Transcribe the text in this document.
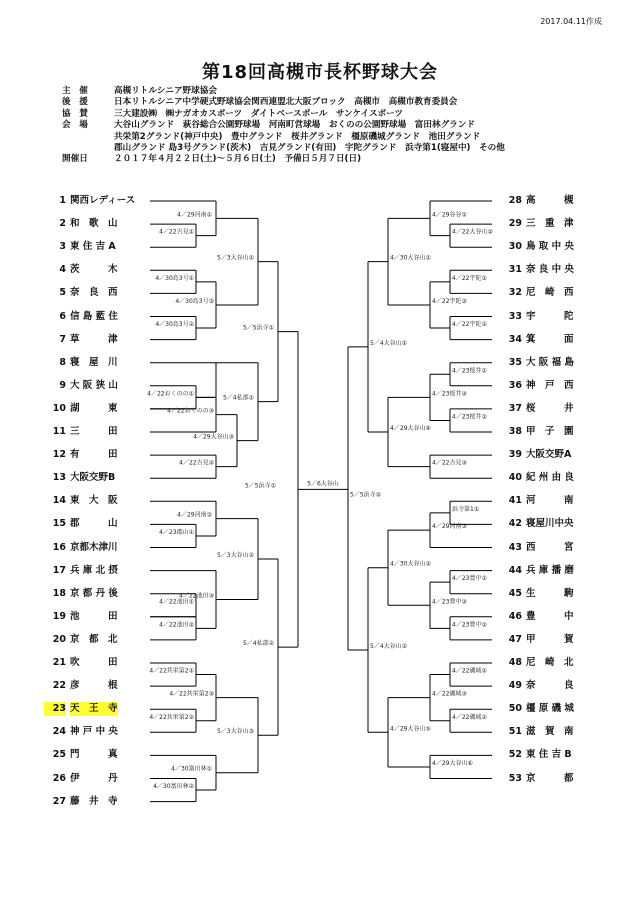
2017.04.11作成
第18回高槻市長杯野球大会
主　催	高槻リトルシニア野球協会
後　援	日本リトルシニア中学硬式野球協会関西連盟北大阪ブロック　高槻市　高槻市教育委員会
協　賛	三大建設㈱　㈱ナガオカスポーツ　ダイトベースボール　サンケイスポーツ
会　場	大谷山グランド　萩谷総合公園野球場　河南町営球場　おくのの公園野球場　富田林グランド
共栄第2グランド(神戸中央)　豊中グランド　桜井グランド　橿原磯城グランド　池田グランド
郡山グランド 島3号グランド(茨木)　吉見グランド(有田)　宇陀グランド　浜寺第1(寝屋中)　その他
開催日	２０１７年４月２２日(土)～５月６日(土)　予備日５月７日(日)
1 関西レディース
2 和　歌　山
3 東 住 吉 A
4 茨　　　木
5 奈　良　西
6 信 島 藍 住
7 草　　　津
8 寝　屋　川
9 大 阪 狭 山
10 湖　　　東
11 三　　　田
12 有　　　田
13 大阪交野B
14 東　大　阪
15 郡　　　山
16 京都木津川
17 兵 庫 北 摂
18 京 都 丹 後
19 池　　　田
20 京　都　北
21 吹　　　田
22 彦　　　根
23 天　王　寺
24 神 戸 中 央
25 門　　　真
26 伊　　　丹
27 藤　井　寺
28 高　　　槻
29 三　重　津
30 鳥 取 中 央
31 奈 良 中 央
32 尼　崎　西
33 宇　　　陀
34 箕　　　面
35 大 阪 福 島
36 神　戸　西
37 桜　　　井
38 甲　子　園
39 大阪交野A
40 紀 州 由 良
41 河　　　南
42 寝屋川中央
43 西　　　宮
44 兵 庫 播 磨
45 生　　　駒
46 豊　　　中
47 甲　　　賀
48 尼　崎　北
49 奈　　　良
50 橿 原 磯 城
51 滋　賀　南
52 東 住 吉 B
53 京　　　都
4／22吉見①
4／29河南①
4／30島3号①
4／30島3号②
4／30島3号③
5／3大谷山①
4／22おくのの①
4／22おくのの③
4／22吉見②
4／29大谷山③
5／4私部①
5／5浜寺①
4／23郡山①
4／29河南②
4／22池田①
4／22池田②
4／22池田③
5／3大谷山②
4／22共栄第2①
4／22共栄第2②
4／22共栄第2③
4／30富田林②
4／30富田林①
5／3大谷山③
5／4私部②
4／22大谷山②
4／29谷谷①
4／22宇陀①
4／22宇陀②
4／22宇陀③
4／30大谷山①
4／23桜井①
4／23桜井②
4／23桜井③
4／22吉見③
4／29大谷山④
5／4大谷山①
浜寺第1①
4／29河南③
4／23豊中①
4／23豊中②
4／23豊中③
4／30大谷山②
4／22磯城①
4／22磯城②
4／22磯城③
4／29大谷山⑥
4／29大谷山⑤
5／4大谷山②
5／5浜寺②
5／5浜寺①	5／6大谷山
